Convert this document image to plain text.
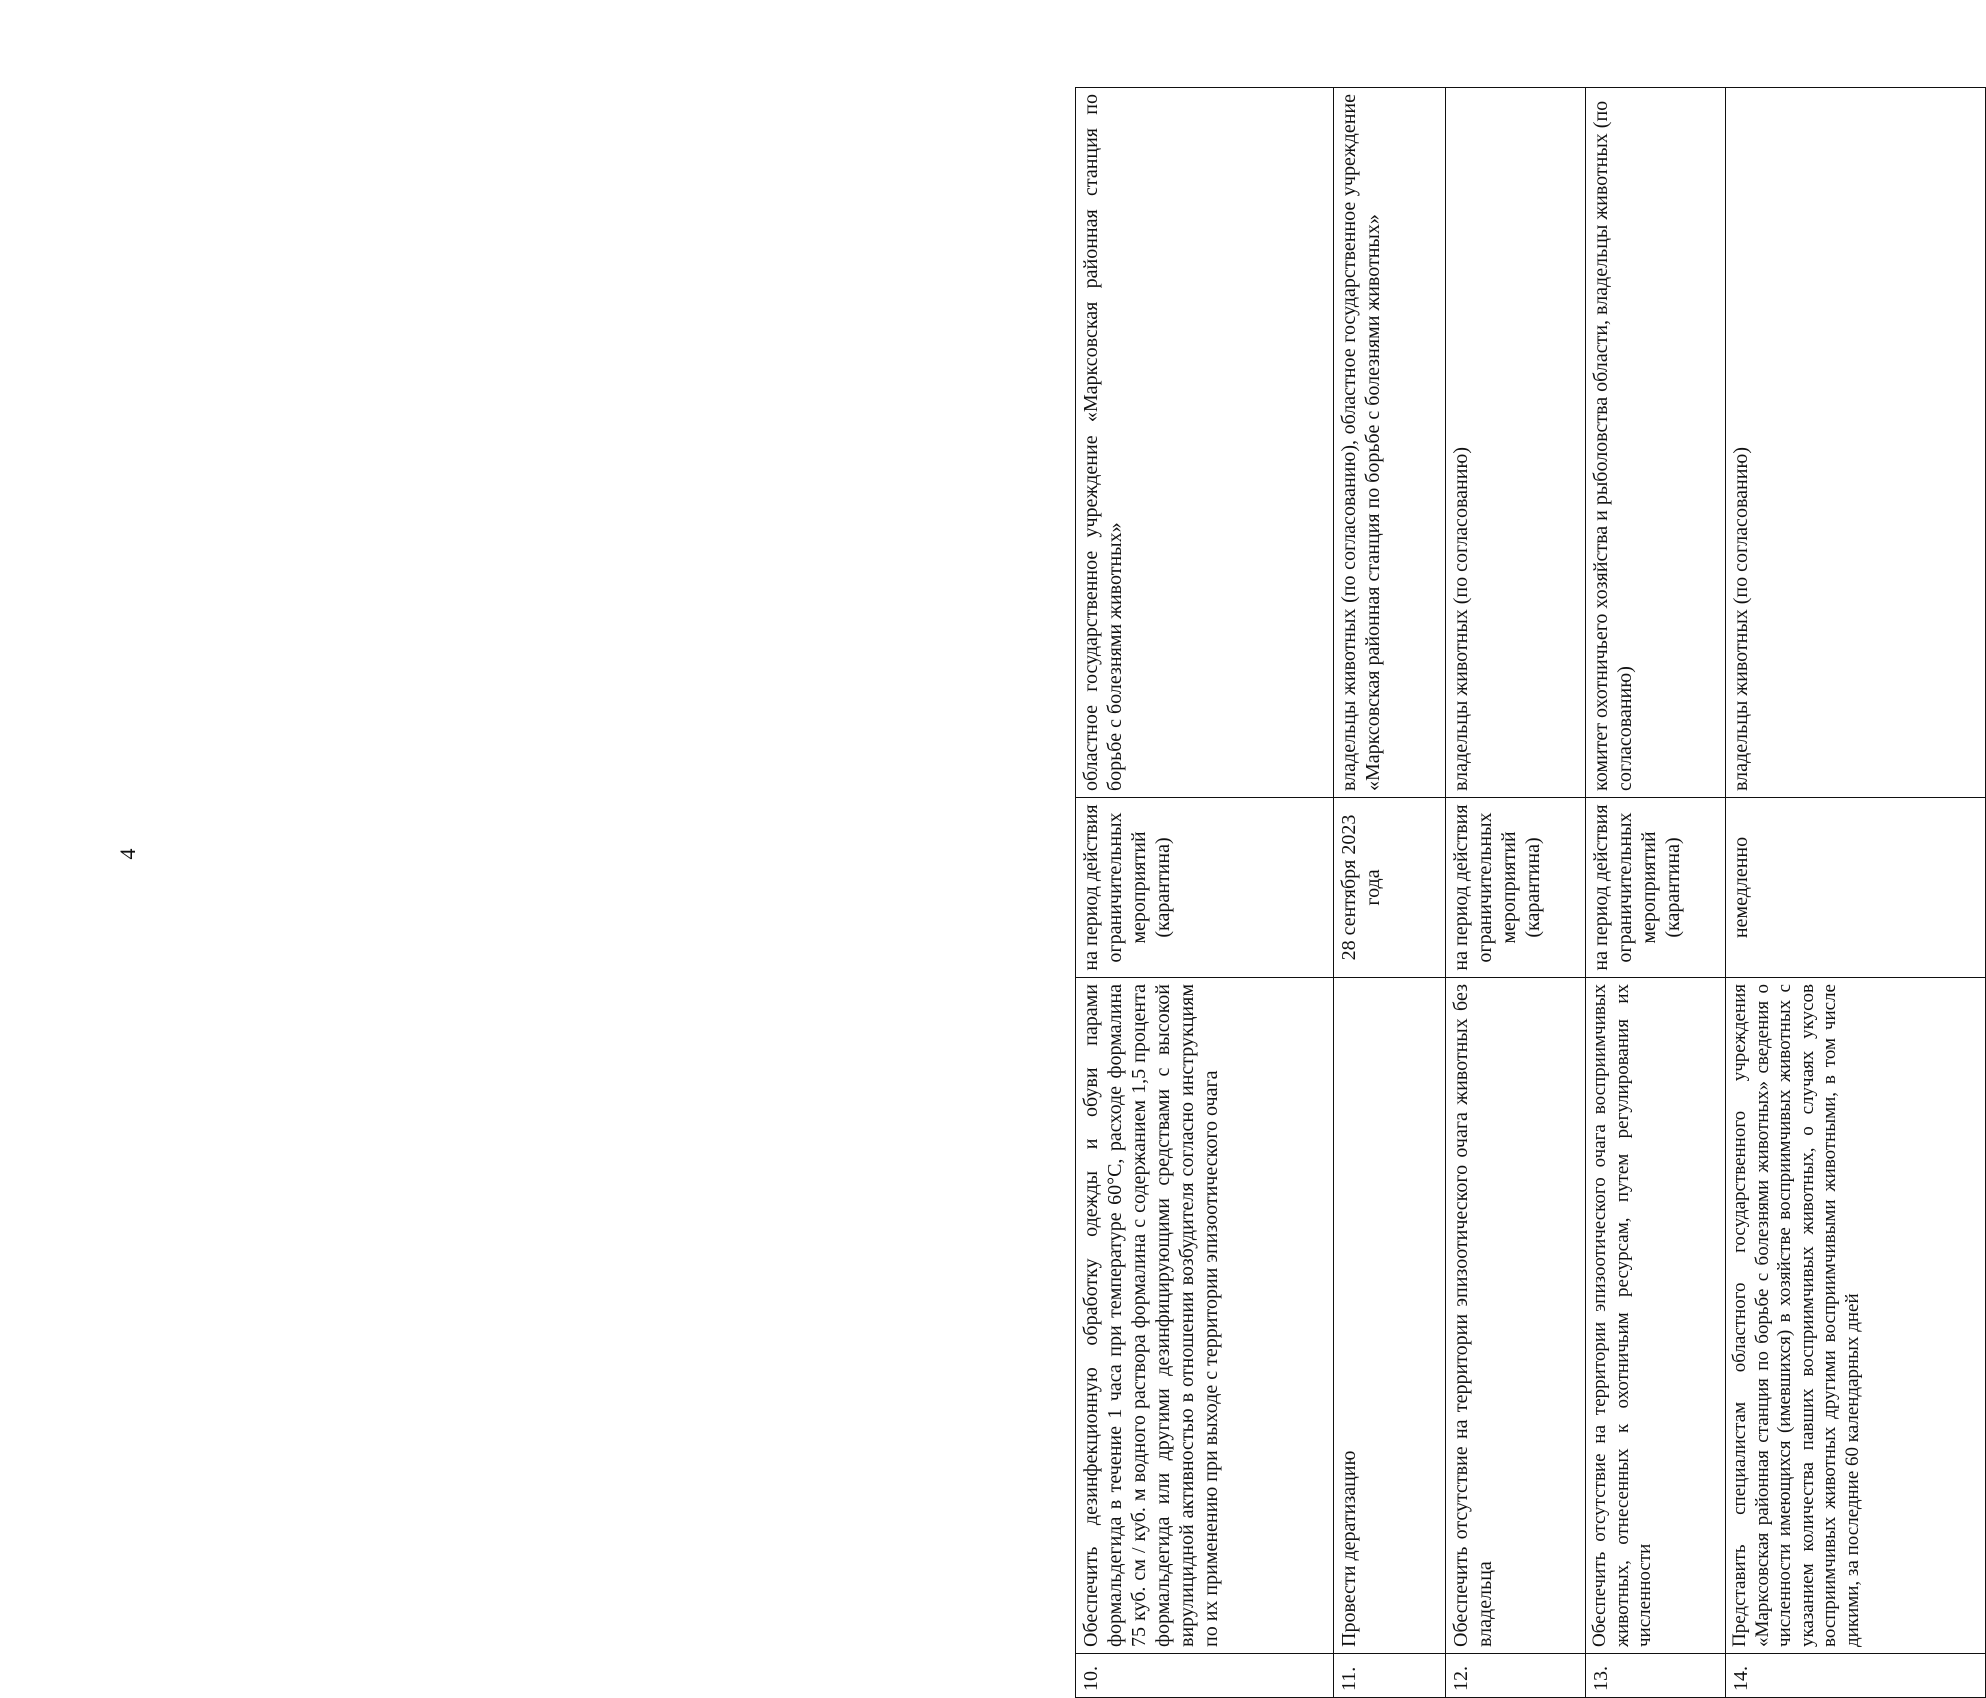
4
10.	Обеспечить дезинфекционную обработку одежды и обуви парами формальдегида в течение 1 часа при температуре 60°С, расходе формалина 75 куб. см / куб. м водного раствора формалина с содержанием 1,5 процента формальдегида или другими дезинфицирующими средствами с высокой вирулицидной активностью в отношении возбудителя согласно инструкциям по их применению при выходе с территории эпизоотического очага	на период действия ограничительных мероприятий (карантина)	областное государственное учреждение «Марксовская районная станция по борьбе с болезнями животных»
11.	Провести дератизацию	28 сентября 2023 года	владельцы животных (по согласованию), областное государственное учреждение «Марксовская районная станция по борьбе с болезнями животных»
12.	Обеспечить отсутствие на территории эпизоотического очага животных без владельца	на период действия ограничительных мероприятий (карантина)	владельцы животных (по согласованию)
13.	Обеспечить отсутствие на территории эпизоотического очага восприимчивых животных, отнесенных к охотничьим ресурсам, путем регулирования их численности	на период действия ограничительных мероприятий (карантина)	комитет охотничьего хозяйства и рыболовства области, владельцы животных (по согласованию)
14.	Представить специалистам областного государственного учреждения «Марксовская районная станция по борьбе с болезнями животных» сведения о численности имеющихся (имевшихся) в хозяйстве восприимчивых животных с указанием количества павших восприимчивых животных, о случаях укусов восприимчивых животных другими восприимчивыми животными, в том числе дикими, за последние 60 календарных дней	немедленно	владельцы животных (по согласованию)
